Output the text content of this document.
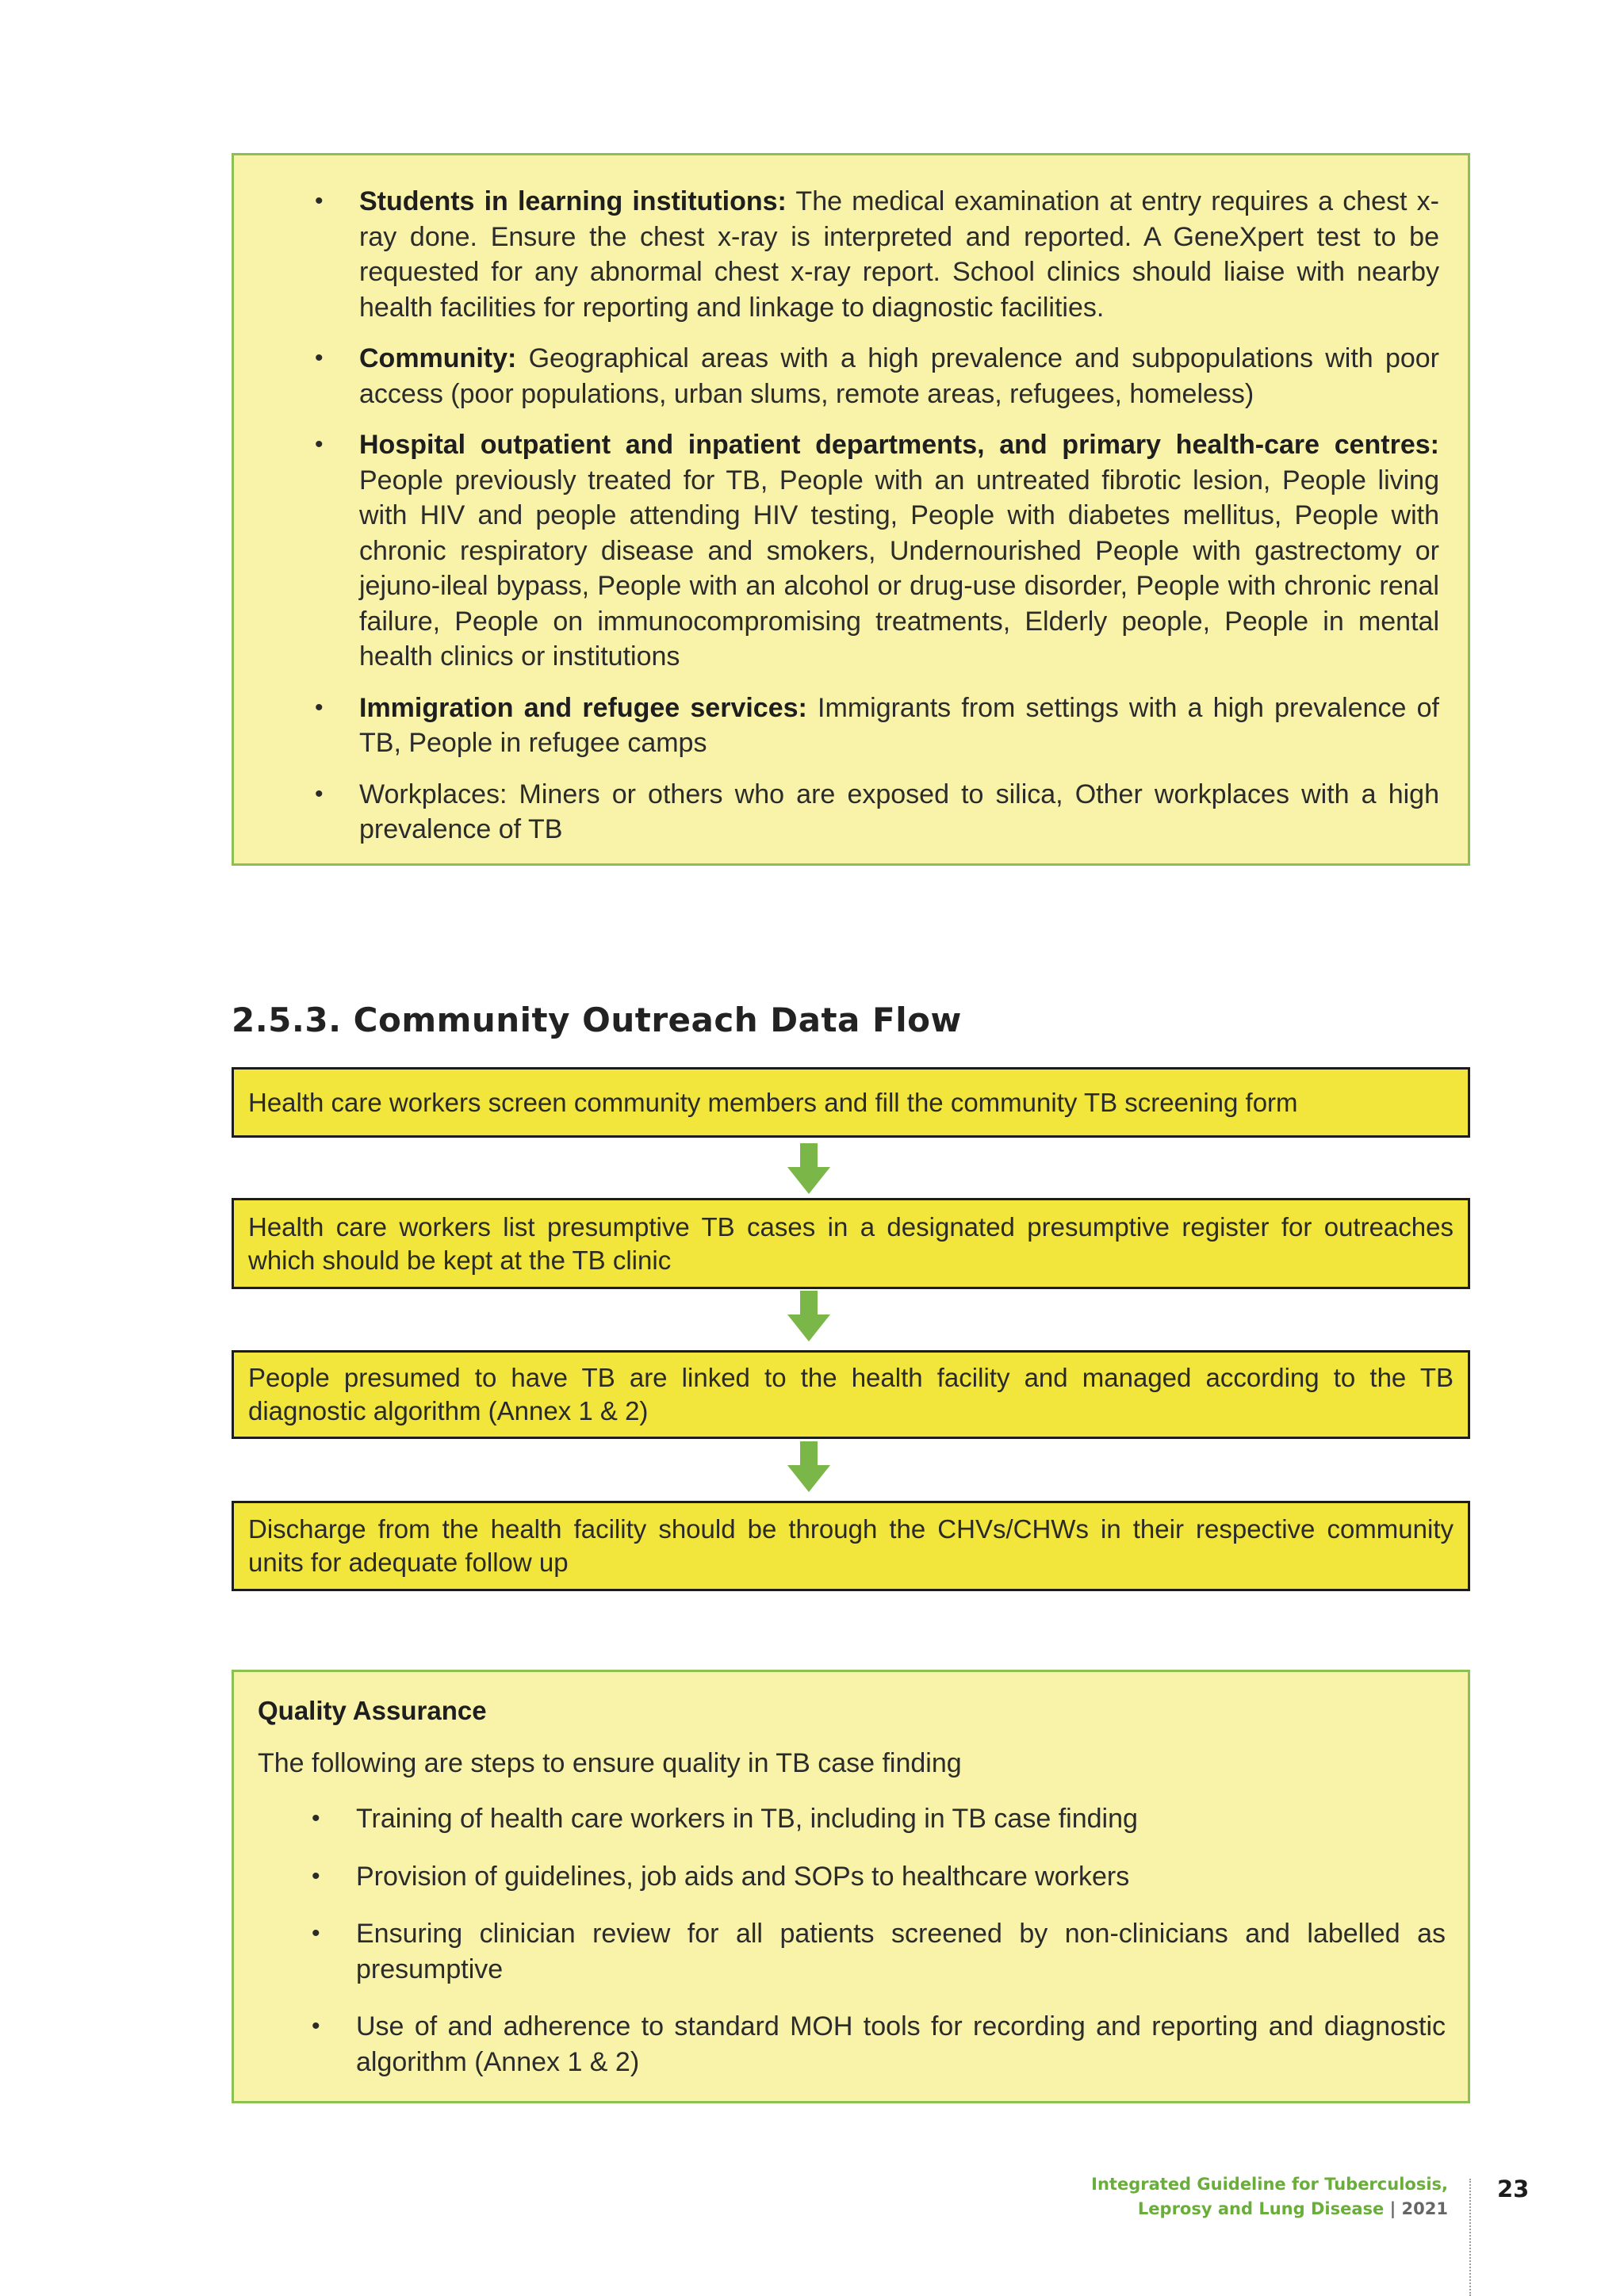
• Students in learning institutions: The medical examination at entry requires a chest x-ray done. Ensure the chest x-ray is interpreted and reported. A GeneXpert test to be requested for any abnormal chest x-ray report. School clinics should liaise with nearby health facilities for reporting and linkage to diagnostic facilities.
• Community: Geographical areas with a high prevalence and subpopulations with poor access (poor populations, urban slums, remote areas, refugees, homeless)
• Hospital outpatient and inpatient departments, and primary health-care centres: People previously treated for TB, People with an untreated fibrotic lesion, People living with HIV and people attending HIV testing, People with diabetes mellitus, People with chronic respiratory disease and smokers, Undernourished People with gastrectomy or jejuno-ileal bypass, People with an alcohol or drug-use disorder, People with chronic renal failure, People on immunocompromising treatments, Elderly people, People in mental health clinics or institutions
• Immigration and refugee services: Immigrants from settings with a high prevalence of TB, People in refugee camps
• Workplaces: Miners or others who are exposed to silica, Other workplaces with a high prevalence of TB
2.5.3. Community Outreach Data Flow
Health care workers screen community members and fill the community TB screening form
Health care workers list presumptive TB cases in a designated presumptive register for outreaches which should be kept at the TB clinic
People presumed to have TB are linked to the health facility and managed according to the TB diagnostic algorithm (Annex 1 & 2)
Discharge from the health facility should be through the CHVs/CHWs in their respective community units for adequate follow up

Quality Assurance

The following are steps to ensure quality in TB case finding

• Training of health care workers in TB, including in TB case finding
• Provision of guidelines, job aids and SOPs to healthcare workers
• Ensuring clinician review for all patients screened by non-clinicians and labelled as presumptive
• Use of and adherence to standard MOH tools for recording and reporting and diagnostic algorithm (Annex 1 & 2)
Integrated Guideline for Tuberculosis,
Leprosy and Lung Disease | 2021
23
